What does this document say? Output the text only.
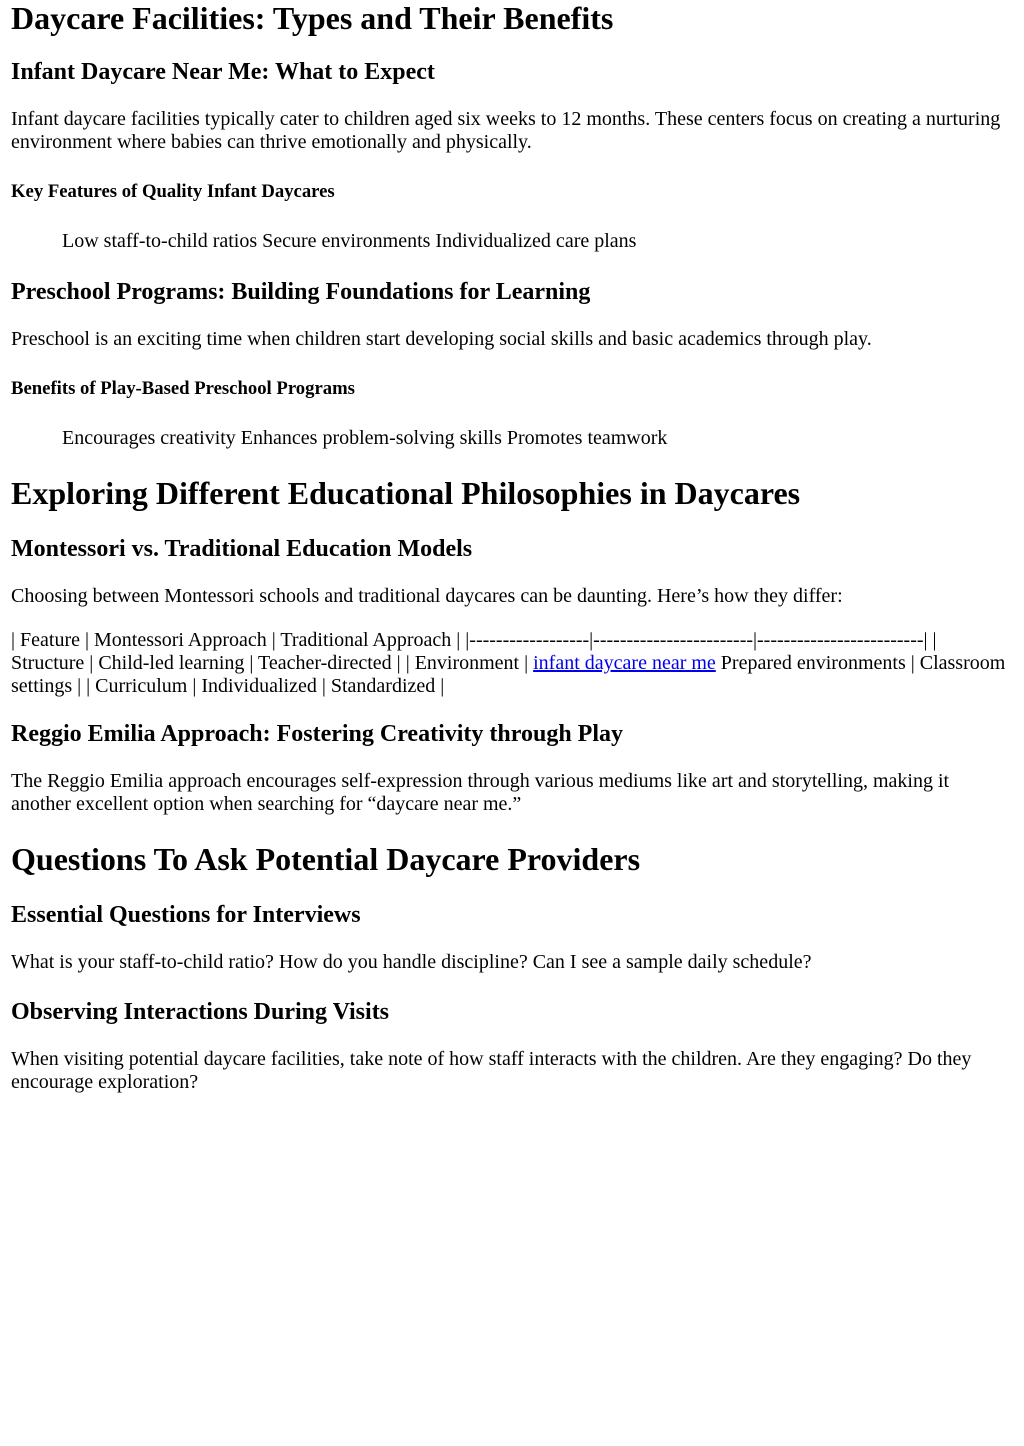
Daycare Facilities: Types and Their Benefits
Infant Daycare Near Me: What to Expect

Infant daycare facilities typically cater to children aged six weeks to 12 months. These centers focus on creating a nurturing environment where babies can thrive emotionally and physically.

Key Features of Quality Infant Daycares

Low staff-to-child ratios Secure environments Individualized care plans

Preschool Programs: Building Foundations for Learning

Preschool is an exciting time when children start developing social skills and basic academics through play.

Benefits of Play-Based Preschool Programs

Encourages creativity Enhances problem-solving skills Promotes teamwork

Exploring Different Educational Philosophies in Daycares
Montessori vs. Traditional Education Models

Choosing between Montessori schools and traditional daycares can be daunting. Here’s how they differ:

| Feature | Montessori Approach | Traditional Approach | |------------------|------------------------|-------------------------| | Structure | Child-led learning | Teacher-directed | | Environment | infant daycare near me Prepared environments | Classroom settings | | Curriculum | Individualized | Standardized |

Reggio Emilia Approach: Fostering Creativity through Play

The Reggio Emilia approach encourages self-expression through various mediums like art and storytelling, making it another excellent option when searching for “daycare near me.”

Questions To Ask Potential Daycare Providers
Essential Questions for Interviews

What is your staff-to-child ratio? How do you handle discipline? Can I see a sample daily schedule?

Observing Interactions During Visits

When visiting potential daycare facilities, take note of how staff interacts with the children. Are they engaging? Do they encourage exploration?
